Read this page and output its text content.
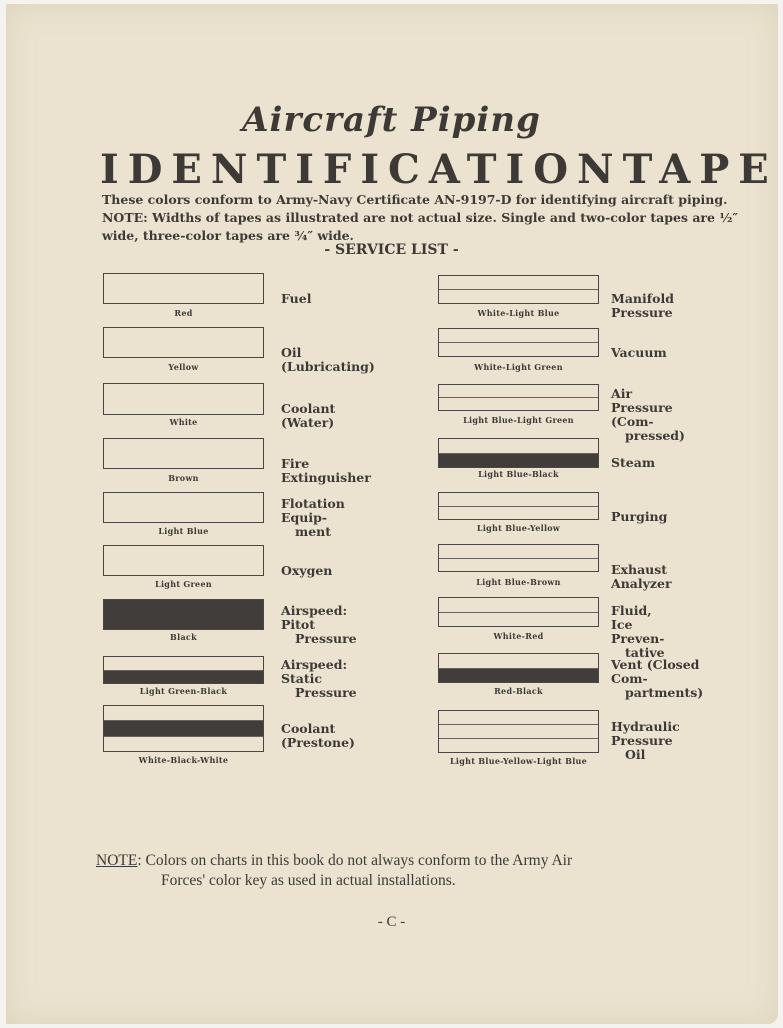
Aircraft Piping
IDENTIFICATION TAPE
These colors conform to Army-Navy Certificate AN-9197-D for identifying aircraft piping.
NOTE: Widths of tapes as illustrated are not actual size. Single and two-color tapes are ½″ wide, three-color tapes are ¾″ wide.
- SERVICE LIST -
Red
Fuel
Yellow
Oil (Lubricating)
White
Coolant (Water)
Brown
Fire Extinguisher
Light Blue
Flotation Equip-
ment
Light Green
Oxygen
Black
Airspeed: Pitot
Pressure
Light Green-Black
Airspeed: Static
Pressure
White-Black-White
Coolant (Prestone)
White-Light Blue
Manifold Pressure
White-Light Green
Vacuum
Light Blue-Light Green
Air Pressure (Com-
pressed)
Light Blue-Black
Steam
Light Blue-Yellow
Purging
Light Blue-Brown
Exhaust Analyzer
White-Red
Fluid, Ice Preven-
tative
Red-Black
Vent (Closed Com-
partments)
Light Blue-Yellow-Light Blue
Hydraulic Pressure
Oil
NOTE: Colors on charts in this book do not always conform to the Army Air
Forces' color key as used in actual installations.
- C -
